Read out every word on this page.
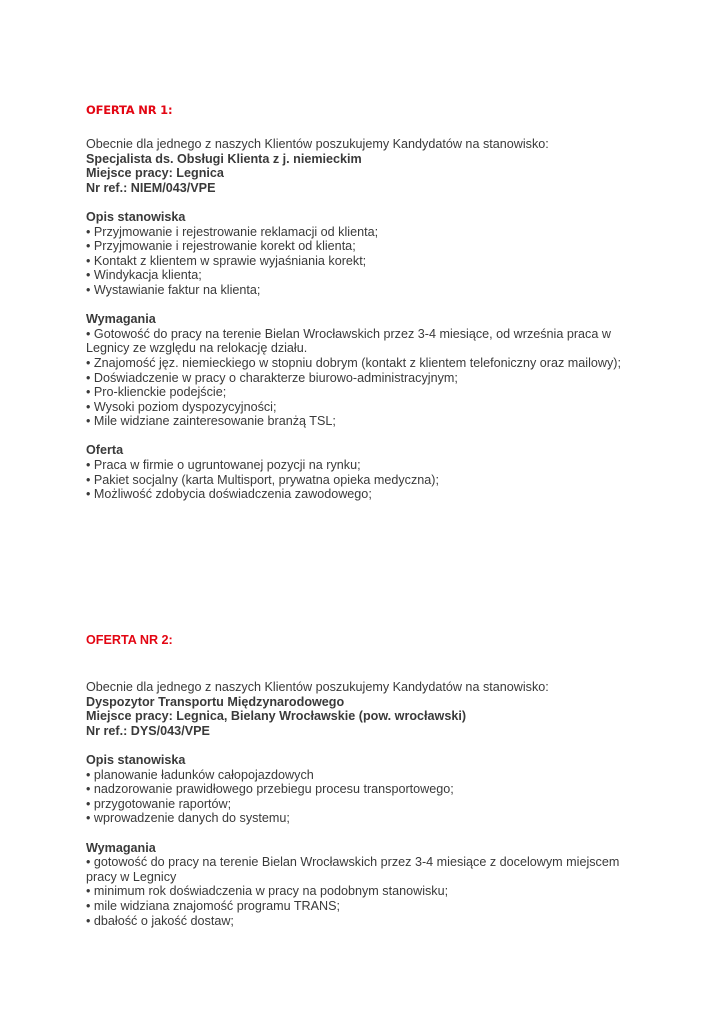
OFERTA NR 1:
Obecnie dla jednego z naszych Klientów poszukujemy Kandydatów na stanowisko:
Specjalista ds. Obsługi Klienta z j. niemieckim
Miejsce pracy: Legnica
Nr ref.: NIEM/043/VPE
Opis stanowiska
• Przyjmowanie i rejestrowanie reklamacji od klienta;
• Przyjmowanie i rejestrowanie korekt od klienta;
• Kontakt z klientem w sprawie wyjaśniania korekt;
• Windykacja klienta;
• Wystawianie faktur na klienta;
Wymagania
• Gotowość do pracy na terenie Bielan Wrocławskich przez 3-4 miesiące, od września praca w Legnicy ze względu na relokację działu.
• Znajomość jęz. niemieckiego w stopniu dobrym (kontakt z klientem telefoniczny oraz mailowy);
• Doświadczenie w pracy o charakterze biurowo-administracyjnym;
• Pro-klienckie podejście;
• Wysoki poziom dyspozycyjności;
• Mile widziane zainteresowanie branżą TSL;
Oferta
• Praca w firmie o ugruntowanej pozycji na rynku;
• Pakiet socjalny (karta Multisport, prywatna opieka medyczna);
• Możliwość zdobycia doświadczenia zawodowego;
OFERTA NR 2:
Obecnie dla jednego z naszych Klientów poszukujemy Kandydatów na stanowisko:
Dyspozytor Transportu Międzynarodowego
Miejsce pracy: Legnica, Bielany Wrocławskie (pow. wrocławski)
Nr ref.: DYS/043/VPE
Opis stanowiska
• planowanie ładunków całopojazdowych
• nadzorowanie prawidłowego przebiegu procesu transportowego;
• przygotowanie raportów;
• wprowadzenie danych do systemu;
Wymagania
• gotowość do pracy na terenie Bielan Wrocławskich przez 3-4 miesiące z docelowym miejscem pracy w Legnicy
• minimum rok doświadczenia w pracy na podobnym stanowisku;
• mile widziana znajomość programu TRANS;
• dbałość o jakość dostaw;
